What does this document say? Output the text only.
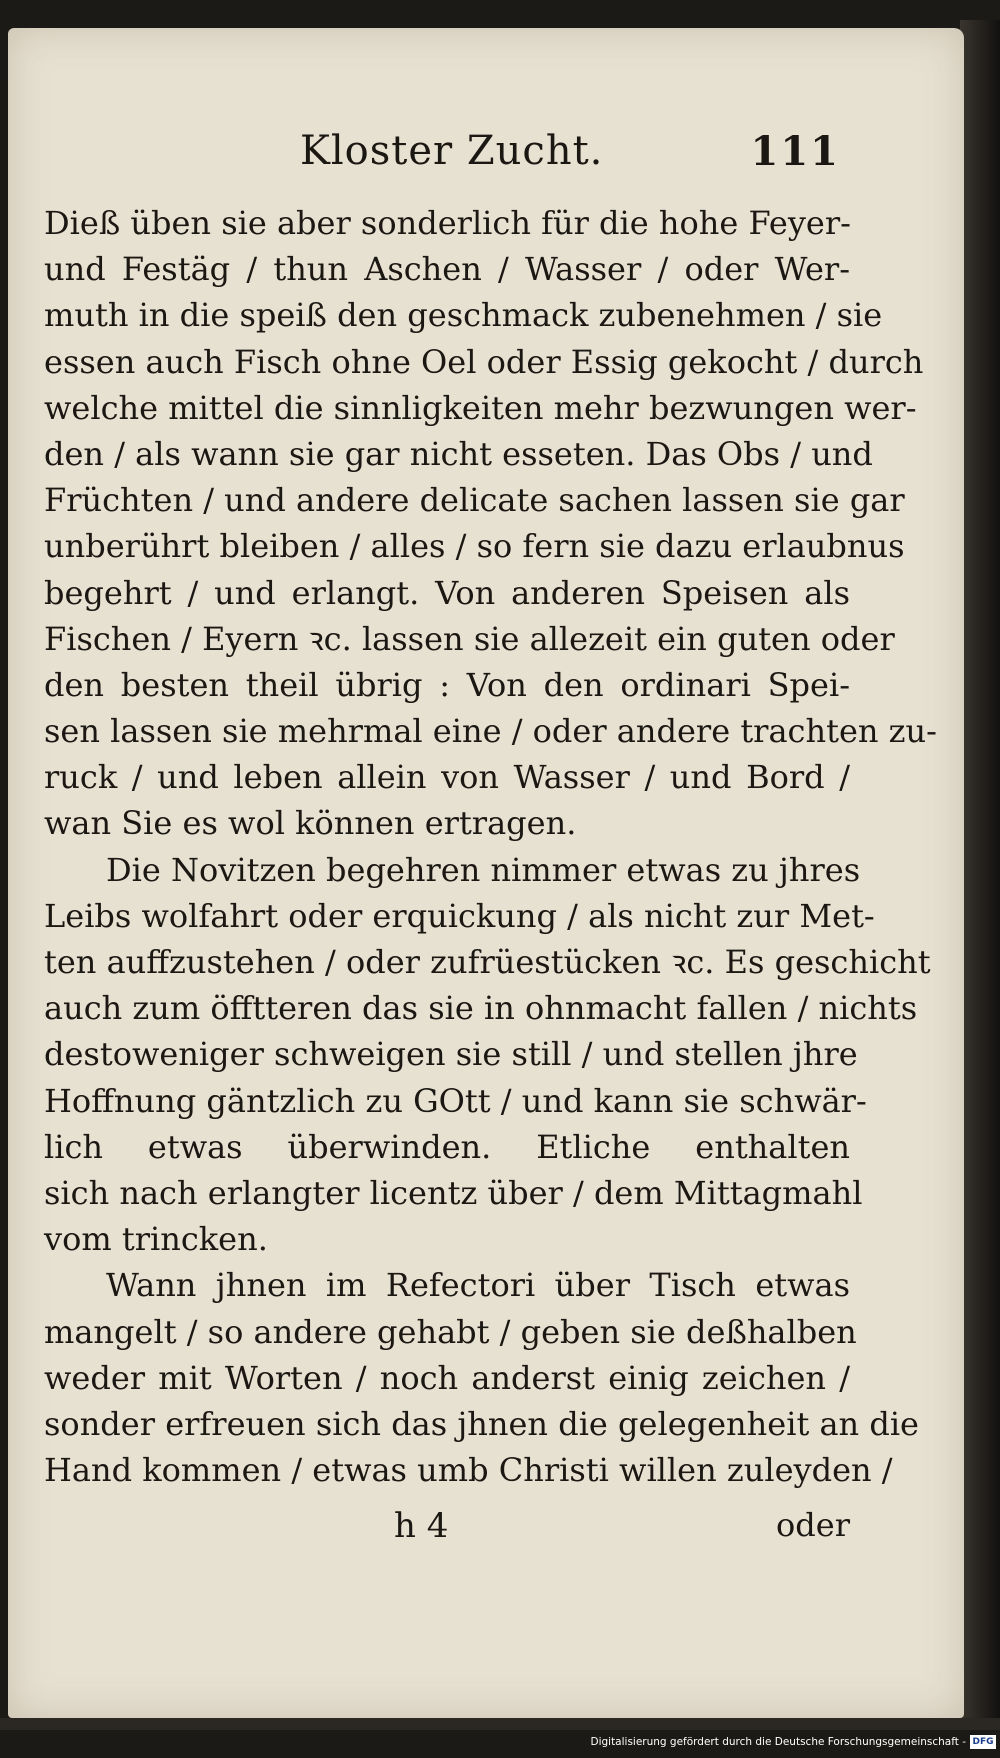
Kloster Zucht.	111
Dieß üben sie aber sonderlich für die hohe Feyer-
und Festäg / thun Aschen / Wasser / oder Wer-
muth in die speiß den geschmack zubenehmen / sie
essen auch Fisch ohne Oel oder Essig gekocht / durch
welche mittel die sinnligkeiten mehr bezwungen wer-
den / als wann sie gar nicht esseten. Das Obs / und
Früchten / und andere delicate sachen lassen sie gar
unberührt bleiben / alles / so fern sie dazu erlaubnus
begehrt / und erlangt. Von anderen Speisen als
Fischen / Eyern ꝛc. lassen sie allezeit ein guten oder
den besten theil übrig : Von den ordinari Spei-
sen lassen sie mehrmal eine / oder andere trachten zu-
ruck / und leben allein von Wasser / und Bord /
wan Sie es wol können ertragen.
Die Novitzen begehren nimmer etwas zu jhres
Leibs wolfahrt oder erquickung / als nicht zur Met-
ten auffzustehen / oder zufrüestücken ꝛc. Es geschicht
auch zum öfftteren das sie in ohnmacht fallen / nichts
destoweniger schweigen sie still / und stellen jhre
Hoffnung gäntzlich zu GOtt / und kann sie schwär-
lich etwas überwinden. Etliche enthalten
sich nach erlangter licentz über / dem Mittagmahl
vom trincken.
Wann jhnen im Refectori über Tisch etwas
mangelt / so andere gehabt / geben sie deßhalben
weder mit Worten / noch anderst einig zeichen /
sonder erfreuen sich das jhnen die gelegenheit an die
Hand kommen / etwas umb Christi willen zuleyden /
h 4	oder
Digitalisierung gefördert durch die Deutsche Forschungsgemeinschaft - DFG
